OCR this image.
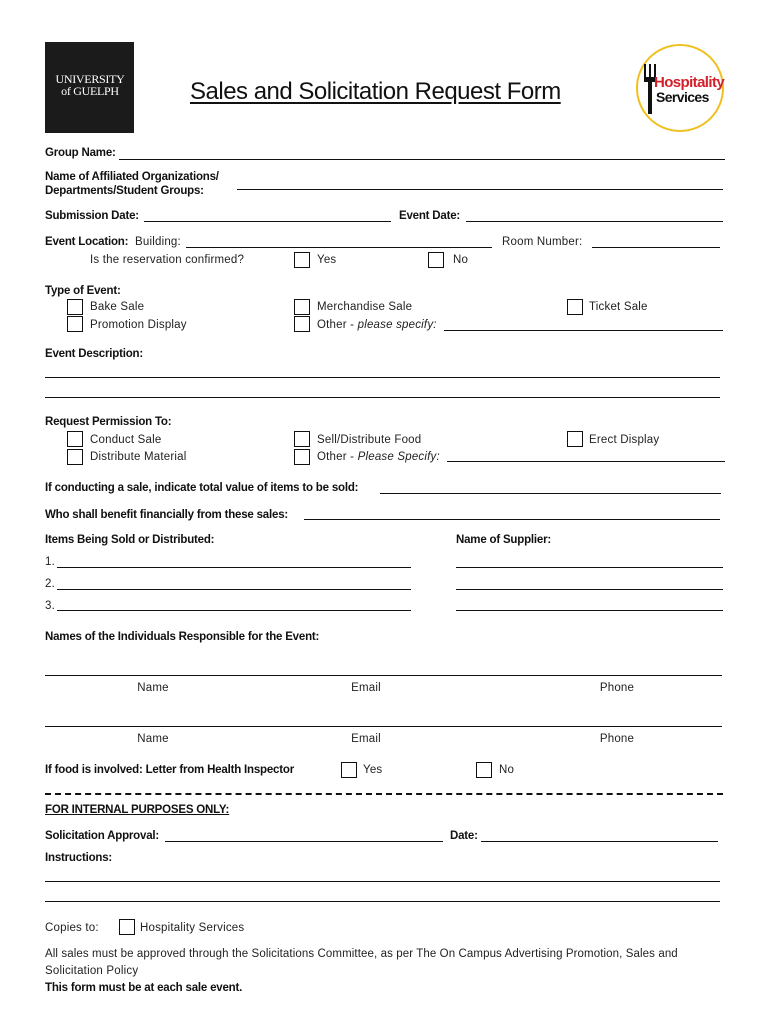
UNIVERSITY
of GUELPH	Sales and Solicitation Request Form	Hospitality
Services
Group Name:
Name of Affiliated Organizations/
Departments/Student Groups:
Submission Date:	Event Date:
Event Location: Building:	Room Number:
Is the reservation confirmed?	Yes	No
Type of Event:
Bake Sale	Merchandise Sale	Ticket Sale
Promotion Display	Other - please specify:
Event Description:
Request Permission To:
Conduct Sale	Sell/Distribute Food	Erect Display
Distribute Material	Other - Please Specify:
If conducting a sale, indicate total value of items to be sold:
Who shall benefit financially from these sales:
Items Being Sold or Distributed:	Name of Supplier:
1.
2.
3.
Names of the Individuals Responsible for the Event:
Name	Email	Phone
Name	Email	Phone
If food is involved: Letter from Health Inspector	Yes	No
FOR INTERNAL PURPOSES ONLY:
Solicitation Approval:	Date:
Instructions:
Copies to:	Hospitality Services
All sales must be approved through the Solicitations Committee, as per The On Campus Advertising Promotion, Sales and
Solicitation Policy
This form must be at each sale event.
